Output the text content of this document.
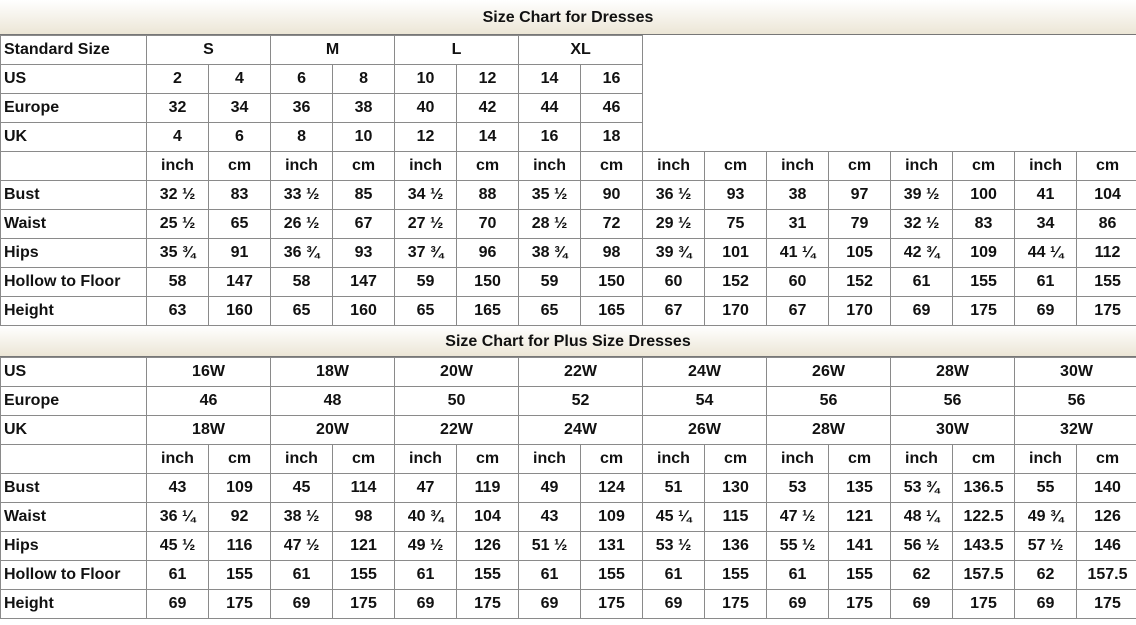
Size Chart for Dresses
Standard Size	S		M		L		XL									
US	2	4	6	8	10	12	14	16								
Europe	32	34	36	38	40	42	44	46								
UK	4	6	8	10	12	14	16	18								
	inch	cm	inch	cm	inch	cm	inch	cm	inch	cm	inch	cm	inch	cm	inch	cm
Bust	32 ½	83	33 ½	85	34 ½	88	35 ½	90	36 ½	93	38	97	39 ½	100	41	104
Waist	25 ½	65	26 ½	67	27 ½	70	28 ½	72	29 ½	75	31	79	32 ½	83	34	86
Hips	35 ¾	91	36 ¾	93	37 ¾	96	38 ¾	98	39 ¾	101	41 ¼	105	42 ¾	109	44 ¼	112
Hollow to Floor	58	147	58	147	59	150	59	150	60	152	60	152	61	155	61	155
Height	63	160	65	160	65	165	65	165	67	170	67	170	69	175	69	175
Size Chart for Plus Size Dresses
US	16W		18W		20W		22W		24W		26W		28W		30W	
Europe	46		48		50		52		54		56		56		56	
UK	18W		20W		22W		24W		26W		28W		30W		32W	
	inch	cm	inch	cm	inch	cm	inch	cm	inch	cm	inch	cm	inch	cm	inch	cm
Bust	43	109	45	114	47	119	49	124	51	130	53	135	53 ¾	136.5	55	140
Waist	36 ¼	92	38 ½	98	40 ¾	104	43	109	45 ¼	115	47 ½	121	48 ¼	122.5	49 ¾	126
Hips	45 ½	116	47 ½	121	49 ½	126	51 ½	131	53 ½	136	55 ½	141	56 ½	143.5	57 ½	146
Hollow to Floor	61	155	61	155	61	155	61	155	61	155	61	155	62	157.5	62	157.5
Height	69	175	69	175	69	175	69	175	69	175	69	175	69	175	69	175
